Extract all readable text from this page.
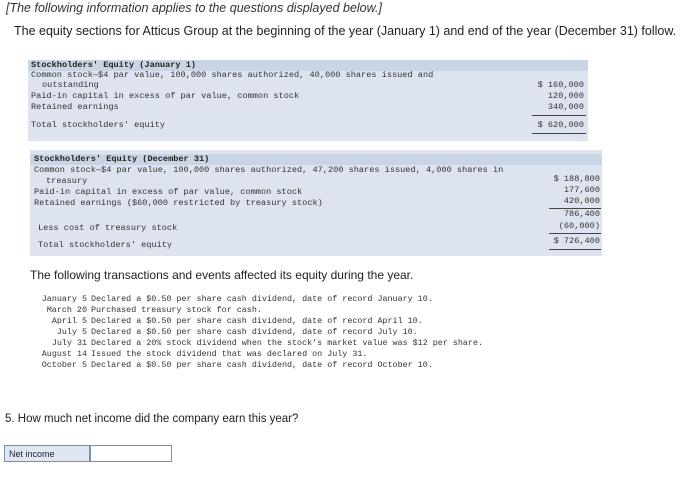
[The following information applies to the questions displayed below.]
The equity sections for Atticus Group at the beginning of the year (January 1) and end of the year (December 31) follow.
Stockholders' Equity (January 1)
Common stock—$4 par value, 100,000 shares authorized, 40,000 shares issued and
outstanding
Paid-in capital in excess of par value, common stock
Retained earnings
Total stockholders' equity
$ 160,000
120,000
340,000
$ 620,000
Stockholders' Equity (December 31)
Common stock—$4 par value, 100,000 shares authorized, 47,200 shares issued, 4,000 shares in
treasury
Paid-in capital in excess of par value, common stock
Retained earnings ($60,000 restricted by treasury stock)
Less cost of treasury stock
Total stockholders' equity
$ 188,800
177,600
420,000
786,400
(60,000)
$ 726,400
The following transactions and events affected its equity during the year.
January 5 Declared a $0.50 per share cash dividend, date of record January 10.
March 20 Purchased treasury stock for cash.
April 5 Declared a $0.50 per share cash dividend, date of record April 10.
July 5 Declared a $0.50 per share cash dividend, date of record July 10.
July 31 Declared a 20% stock dividend when the stock's market value was $12 per share.
August 14 Issued the stock dividend that was declared on July 31.
October 5 Declared a $0.50 per share cash dividend, date of record October 10.
5. How much net income did the company earn this year?
Net income
